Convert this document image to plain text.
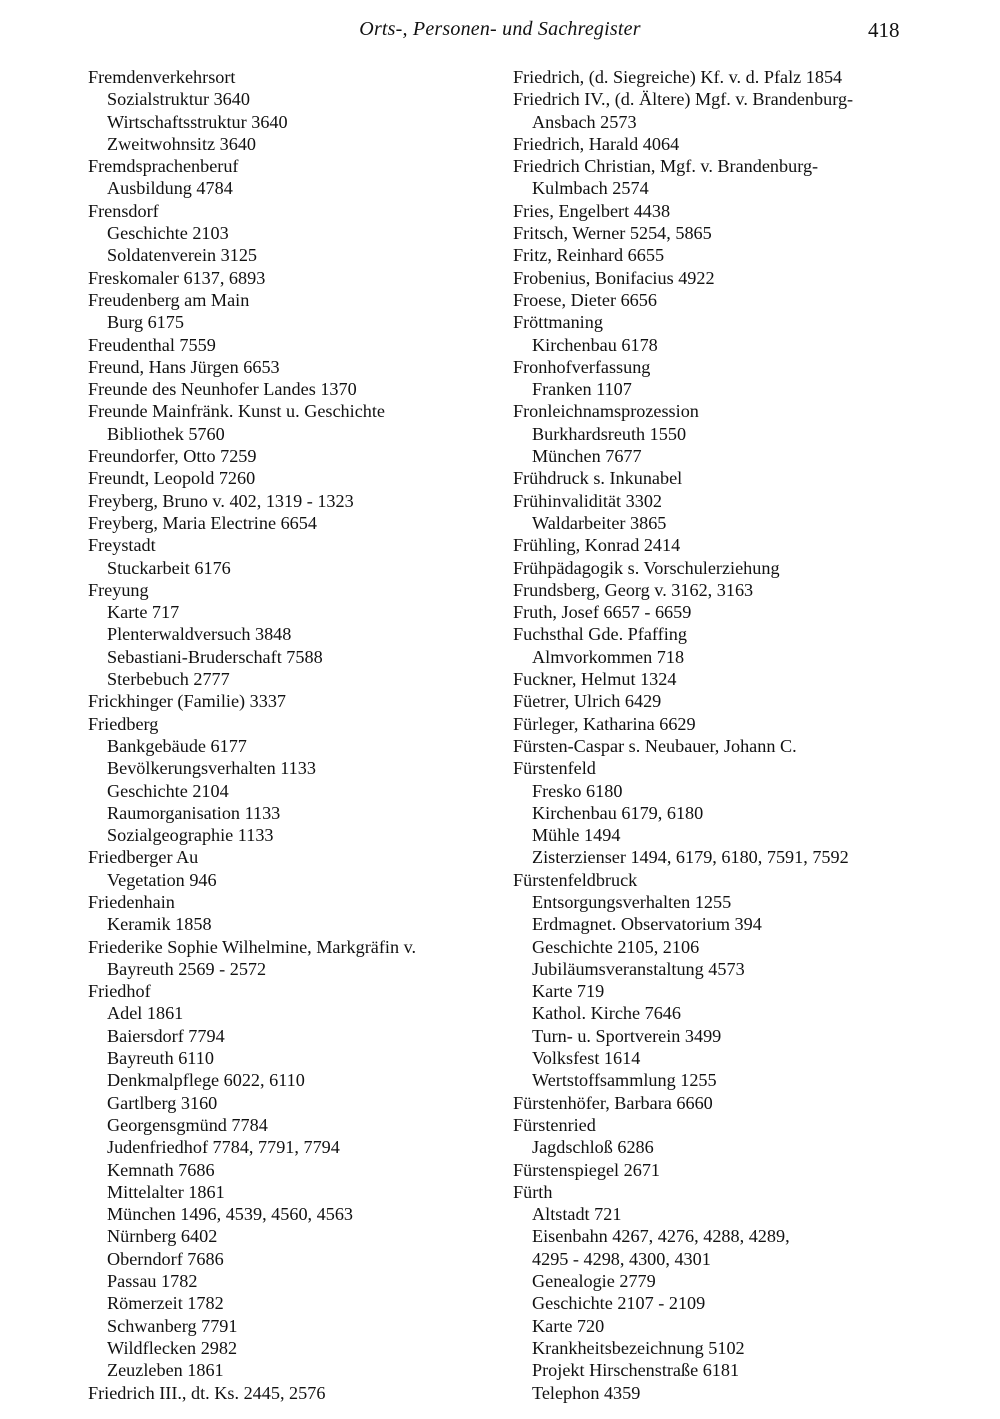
Orts-, Personen- und Sachregister	418
Fremdenverkehrsort
Sozialstruktur 3640
Wirtschaftsstruktur 3640
Zweitwohnsitz 3640
Fremdsprachenberuf
Ausbildung 4784
Frensdorf
Geschichte 2103
Soldatenverein 3125
Freskomaler 6137, 6893
Freudenberg am Main
Burg 6175
Freudenthal 7559
Freund, Hans Jürgen 6653
Freunde des Neunhofer Landes 1370
Freunde Mainfränk. Kunst u. Geschichte
Bibliothek 5760
Freundorfer, Otto 7259
Freundt, Leopold 7260
Freyberg, Bruno v. 402, 1319 - 1323
Freyberg, Maria Electrine 6654
Freystadt
Stuckarbeit 6176
Freyung
Karte 717
Plenterwaldversuch 3848
Sebastiani-Bruderschaft 7588
Sterbebuch 2777
Frickhinger (Familie) 3337
Friedberg
Bankgebäude 6177
Bevölkerungsverhalten 1133
Geschichte 2104
Raumorganisation 1133
Sozialgeographie 1133
Friedberger Au
Vegetation 946
Friedenhain
Keramik 1858
Friederike Sophie Wilhelmine, Markgräfin v.
Bayreuth 2569 - 2572
Friedhof
Adel 1861
Baiersdorf 7794
Bayreuth 6110
Denkmalpflege 6022, 6110
Gartlberg 3160
Georgensgmünd 7784
Judenfriedhof 7784, 7791, 7794
Kemnath 7686
Mittelalter 1861
München 1496, 4539, 4560, 4563
Nürnberg 6402
Oberndorf 7686
Passau 1782
Römerzeit 1782
Schwanberg 7791
Wildflecken 2982
Zeuzleben 1861
Friedrich III., dt. Ks. 2445, 2576
Friedrich, (d. Siegreiche) Kf. v. d. Pfalz 1854
Friedrich IV., (d. Ältere) Mgf. v. Brandenburg-
Ansbach 2573
Friedrich, Harald 4064
Friedrich Christian, Mgf. v. Brandenburg-
Kulmbach 2574
Fries, Engelbert 4438
Fritsch, Werner 5254, 5865
Fritz, Reinhard 6655
Frobenius, Bonifacius 4922
Froese, Dieter 6656
Fröttmaning
Kirchenbau 6178
Fronhofverfassung
Franken 1107
Fronleichnamsprozession
Burkhardsreuth 1550
München 7677
Frühdruck s. Inkunabel
Frühinvalidität 3302
Waldarbeiter 3865
Frühling, Konrad 2414
Frühpädagogik s. Vorschulerziehung
Frundsberg, Georg v. 3162, 3163
Fruth, Josef 6657 - 6659
Fuchsthal Gde. Pfaffing
Almvorkommen 718
Fuckner, Helmut 1324
Füetrer, Ulrich 6429
Fürleger, Katharina 6629
Fürsten-Caspar s. Neubauer, Johann C.
Fürstenfeld
Fresko 6180
Kirchenbau 6179, 6180
Mühle 1494
Zisterzienser 1494, 6179, 6180, 7591, 7592
Fürstenfeldbruck
Entsorgungsverhalten 1255
Erdmagnet. Observatorium 394
Geschichte 2105, 2106
Jubiläumsveranstaltung 4573
Karte 719
Kathol. Kirche 7646
Turn- u. Sportverein 3499
Volksfest 1614
Wertstoffsammlung 1255
Fürstenhöfer, Barbara 6660
Fürstenried
Jagdschloß 6286
Fürstenspiegel 2671
Fürth
Altstadt 721
Eisenbahn 4267, 4276, 4288, 4289,
4295 - 4298, 4300, 4301
Genealogie 2779
Geschichte 2107 - 2109
Karte 720
Krankheitsbezeichnung 5102
Projekt Hirschenstraße 6181
Telephon 4359
